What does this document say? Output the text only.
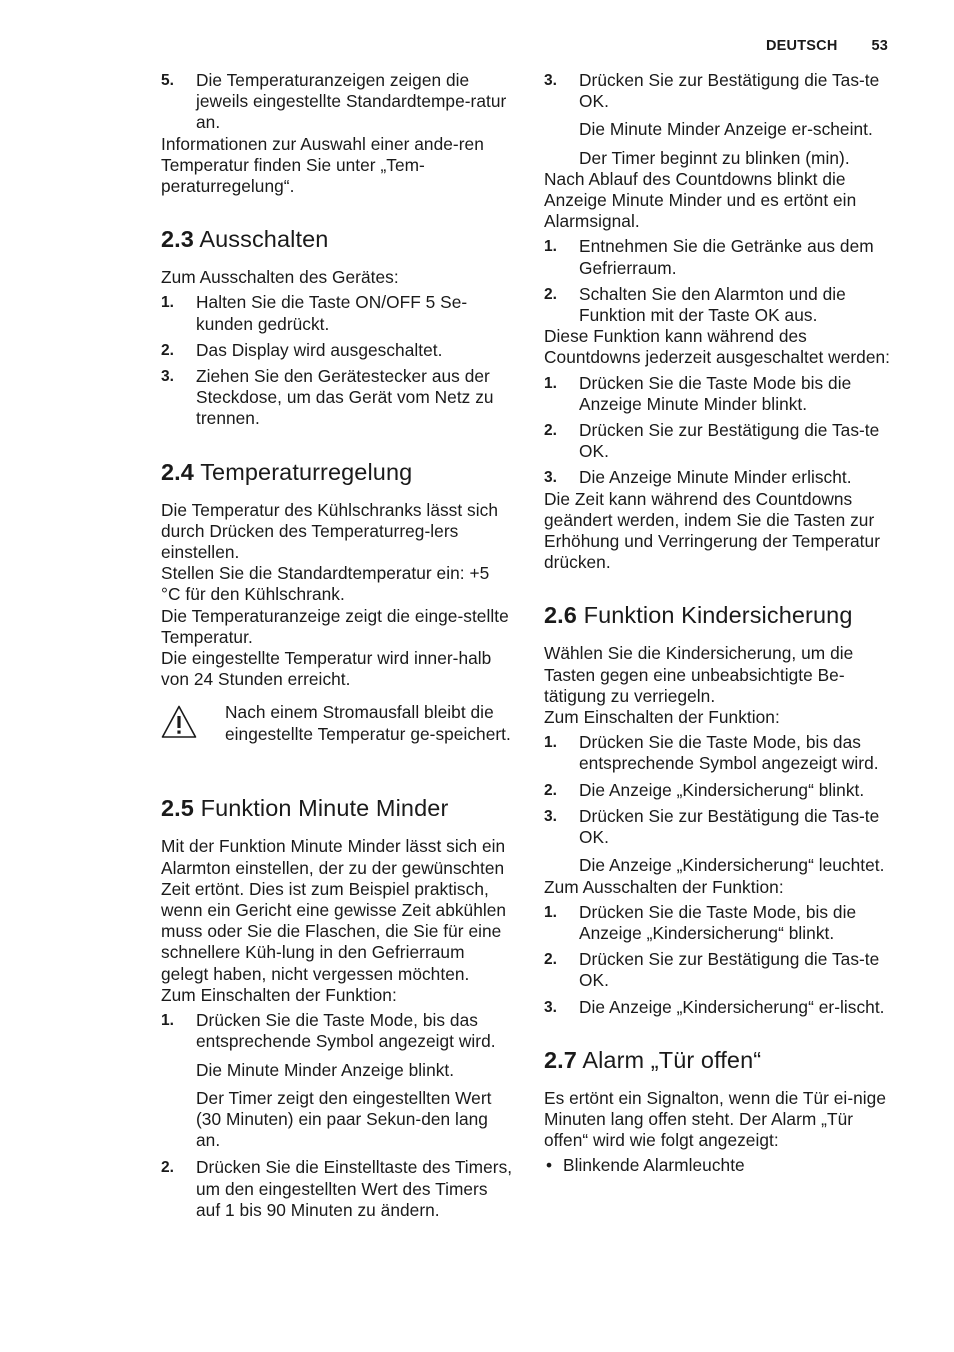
DEUTSCH 53
5. Die Temperaturanzeigen zeigen die jeweils eingestellte Standardtempe-ratur an.

Informationen zur Auswahl einer ande-ren Temperatur finden Sie unter „Tem-peraturregelung“.

2.3 Ausschalten

Zum Ausschalten des Gerätes:

1. Halten Sie die Taste ON/OFF 5 Se-kunden gedrückt.
2. Das Display wird ausgeschaltet.
3. Ziehen Sie den Gerätestecker aus der Steckdose, um das Gerät vom Netz zu trennen.
2.4 Temperaturregelung

Die Temperatur des Kühlschranks lässt sich durch Drücken des Temperaturreg-lers einstellen.

Stellen Sie die Standardtemperatur ein: +5 °C für den Kühlschrank.

Die Temperaturanzeige zeigt die einge-stellte Temperatur.

Die eingestellte Temperatur wird inner-halb von 24 Stunden erreicht.

Nach einem Stromausfall bleibt die eingestellte Temperatur ge-speichert.
2.5 Funktion Minute Minder

Mit der Funktion Minute Minder lässt sich ein Alarmton einstellen, der zu der gewünschten Zeit ertönt. Dies ist zum Beispiel praktisch, wenn ein Gericht eine gewisse Zeit abkühlen muss oder Sie die Flaschen, die Sie für eine schnellere Küh-lung in den Gefrierraum gelegt haben, nicht vergessen möchten.

Zum Einschalten der Funktion:

1. Drücken Sie die Taste Mode, bis das entsprechende Symbol angezeigt wird.
Die Minute Minder Anzeige blinkt.
Der Timer zeigt den eingestellten Wert (30 Minuten) ein paar Sekun-den lang an.
2. Drücken Sie die Einstelltaste des Timers, um den eingestellten Wert des Timers auf 1 bis 90 Minuten zu ändern.
3. Drücken Sie zur Bestätigung die Tas-te OK.
Die Minute Minder Anzeige er-scheint.
Der Timer beginnt zu blinken (min).

Nach Ablauf des Countdowns blinkt die Anzeige Minute Minder und es ertönt ein Alarmsignal.

1. Entnehmen Sie die Getränke aus dem Gefrierraum.
2. Schalten Sie den Alarmton und die Funktion mit der Taste OK aus.

Diese Funktion kann während des Countdowns jederzeit ausgeschaltet werden:

1. Drücken Sie die Taste Mode bis die Anzeige Minute Minder blinkt.
2. Drücken Sie zur Bestätigung die Tas-te OK.
3. Die Anzeige Minute Minder erlischt.

Die Zeit kann während des Countdowns geändert werden, indem Sie die Tasten zur Erhöhung und Verringerung der Temperatur drücken.

2.6 Funktion Kindersicherung

Wählen Sie die Kindersicherung, um die Tasten gegen eine unbeabsichtigte Be-tätigung zu verriegeln.

Zum Einschalten der Funktion:

1. Drücken Sie die Taste Mode, bis das entsprechende Symbol angezeigt wird.
2. Die Anzeige „Kindersicherung“ blinkt.
3. Drücken Sie zur Bestätigung die Tas-te OK.
Die Anzeige „Kindersicherung“ leuchtet.

Zum Ausschalten der Funktion:

1. Drücken Sie die Taste Mode, bis die Anzeige „Kindersicherung“ blinkt.
2. Drücken Sie zur Bestätigung die Tas-te OK.
3. Die Anzeige „Kindersicherung“ er-lischt.
2.7 Alarm „Tür offen“

Es ertönt ein Signalton, wenn die Tür ei-nige Minuten lang offen steht. Der Alarm „Tür offen“ wird wie folgt angezeigt:

• Blinkende Alarmleuchte
